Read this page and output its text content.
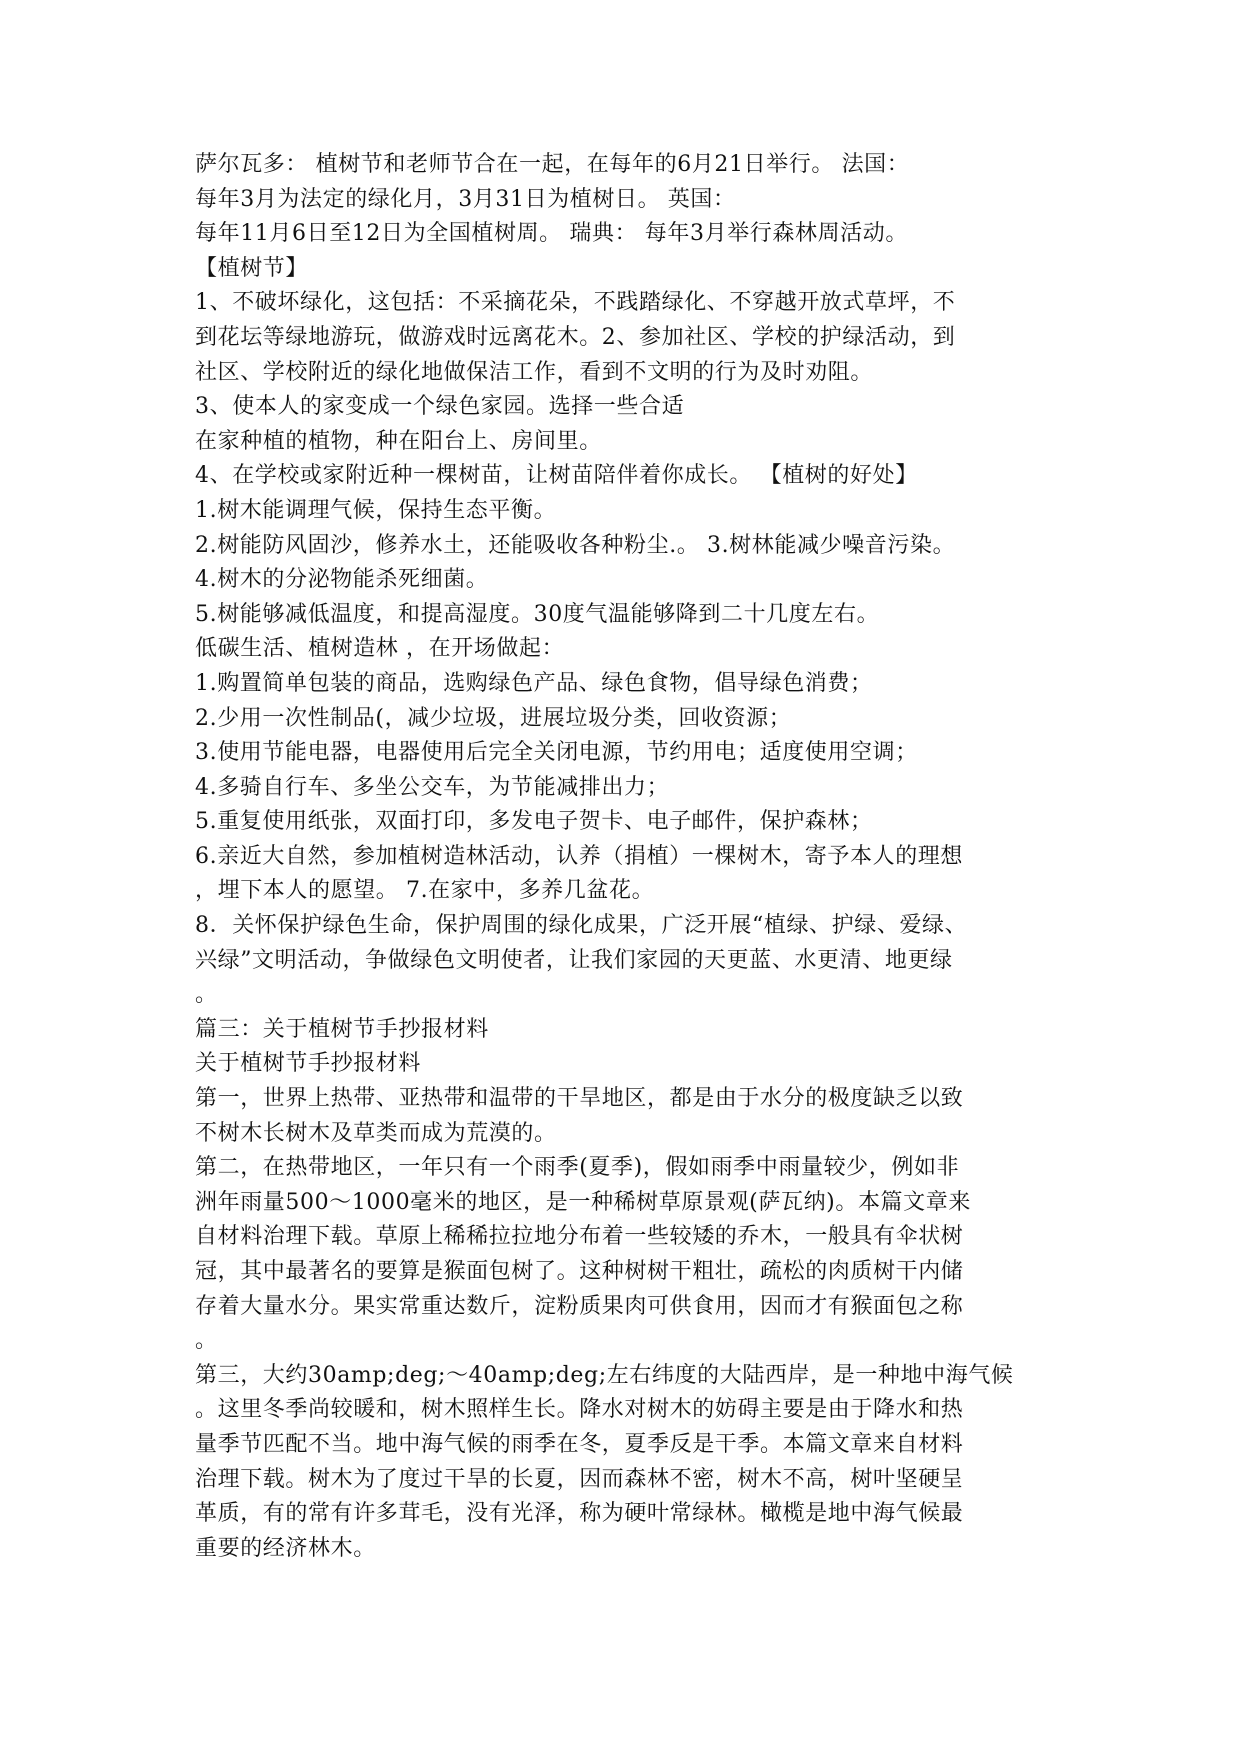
萨尔瓦多： 植树节和老师节合在一起，在每年的6月21日举行。 法国：
每年3月为法定的绿化月，3月31日为植树日。 英国：
每年11月6日至12日为全国植树周。 瑞典： 每年3月举行森林周活动。
【植树节】
1、不破坏绿化，这包括：不采摘花朵，不践踏绿化、不穿越开放式草坪，不
到花坛等绿地游玩，做游戏时远离花木。2、参加社区、学校的护绿活动，到
社区、学校附近的绿化地做保洁工作，看到不文明的行为及时劝阻。
3、使本人的家变成一个绿色家园。选择一些合适
在家种植的植物，种在阳台上、房间里。
4、在学校或家附近种一棵树苗，让树苗陪伴着你成长。 【植树的好处】
1.树木能调理气候，保持生态平衡。
2.树能防风固沙，修养水土，还能吸收各种粉尘.。 3.树林能减少噪音污染。
4.树木的分泌物能杀死细菌。
5.树能够减低温度，和提高湿度。30度气温能够降到二十几度左右。
低碳生活、植树造林 ，在开场做起：
1.购置简单包装的商品，选购绿色产品、绿色食物，倡导绿色消费；
2.少用一次性制品(，减少垃圾，进展垃圾分类，回收资源；
3.使用节能电器，电器使用后完全关闭电源，节约用电；适度使用空调；
4.多骑自行车、多坐公交车，为节能减排出力；
5.重复使用纸张，双面打印，多发电子贺卡、电子邮件，保护森林；
6.亲近大自然，参加植树造林活动，认养（捐植）一棵树木，寄予本人的理想
，埋下本人的愿望。 7.在家中，多养几盆花。
8．关怀保护绿色生命，保护周围的绿化成果，广泛开展“植绿、护绿、爱绿、
兴绿”文明活动，争做绿色文明使者，让我们家园的天更蓝、水更清、地更绿
。
篇三：关于植树节手抄报材料
关于植树节手抄报材料
第一，世界上热带、亚热带和温带的干旱地区，都是由于水分的极度缺乏以致
不树木长树木及草类而成为荒漠的。
第二，在热带地区，一年只有一个雨季(夏季)，假如雨季中雨量较少，例如非
洲年雨量500～1000毫米的地区，是一种稀树草原景观(萨瓦纳)。本篇文章来
自材料治理下载。草原上稀稀拉拉地分布着一些较矮的乔木，一般具有伞状树
冠，其中最著名的要算是猴面包树了。这种树树干粗壮，疏松的肉质树干内储
存着大量水分。果实常重达数斤，淀粉质果肉可供食用，因而才有猴面包之称
。
第三，大约30amp;deg;～40amp;deg;左右纬度的大陆西岸，是一种地中海气候
。这里冬季尚较暖和，树木照样生长。降水对树木的妨碍主要是由于降水和热
量季节匹配不当。地中海气候的雨季在冬，夏季反是干季。本篇文章来自材料
治理下载。树木为了度过干旱的长夏，因而森林不密，树木不高，树叶坚硬呈
革质，有的常有许多茸毛，没有光泽，称为硬叶常绿林。橄榄是地中海气候最
重要的经济林木。
